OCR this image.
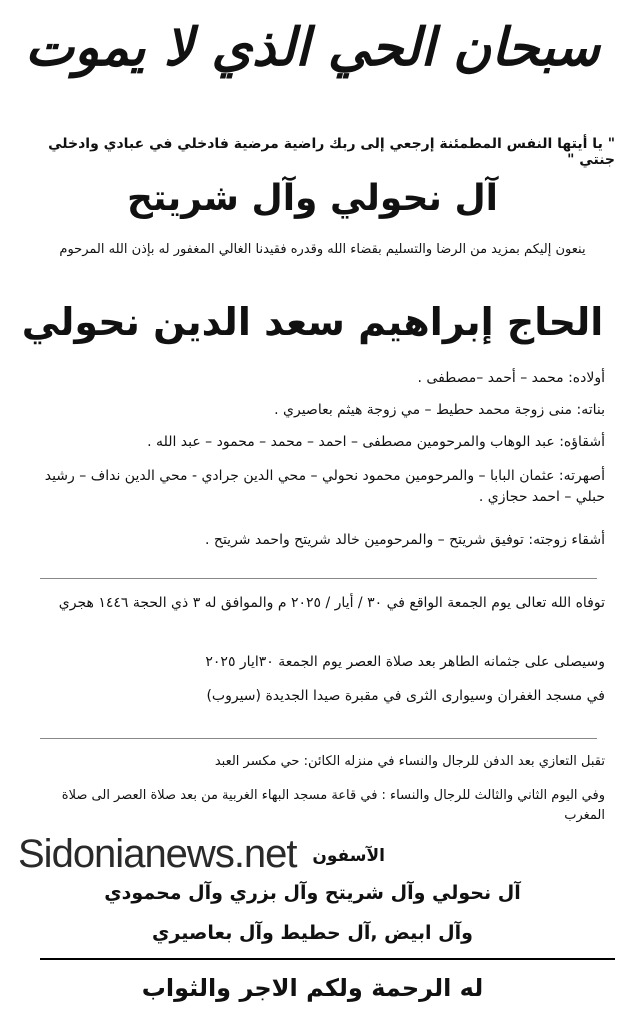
سبحان الحي الذي لا يموت
" يا أيتها النفس المطمئنة إرجعي إلى ربك راضية مرضية فادخلي في عبادي وادخلي جنتي "
آل نحولي وآل شريتح
ينعون إليكم بمزيد من الرضا والتسليم بقضاء الله وقدره فقيدنا الغالي المغفور له بإذن الله المرحوم
الحاج إبراهيم سعد الدين نحولي
أولاده: محمد – أحمد –مصطفى .
بناته: منى زوجة محمد حطيط – مي زوجة هيثم بعاصيري .
أشقاؤه: عبد الوهاب والمرحومين مصطفى – احمد – محمد – محمود – عبد الله .
أصهرته: عثمان البابا – والمرحومين محمود نحولي – محي الدين جرادي - محي الدين نداف – رشيد حبلي – احمد حجازي .
أشقاء زوجته: توفيق شريتح – والمرحومين خالد شريتح واحمد شريتح .
توفاه الله تعالى يوم الجمعة الواقع في ٣٠ / أيار / ٢٠٢٥ م والموافق له ٣ ذي الحجة ١٤٤٦ هجري
وسيصلى على جثمانه الطاهر بعد صلاة العصر يوم الجمعة ٣٠ايار ٢٠٢٥
في مسجد الغفران وسيوارى الثرى في مقبرة صيدا الجديدة (سيروب)
تقبل التعازي بعد الدفن للرجال والنساء في منزله الكائن: حي مكسر العبد
وفي اليوم الثاني والثالث للرجال والنساء : في قاعة مسجد البهاء الغربية من بعد صلاة العصر الى صلاة المغرب
الآسفون
آل نحولي وآل شريتح وآل بزري وآل محمودي
وآل ابيض ,آل حطيط وآل بعاصيري
له الرحمة ولكم الاجر والثواب
Sidonianews.net
